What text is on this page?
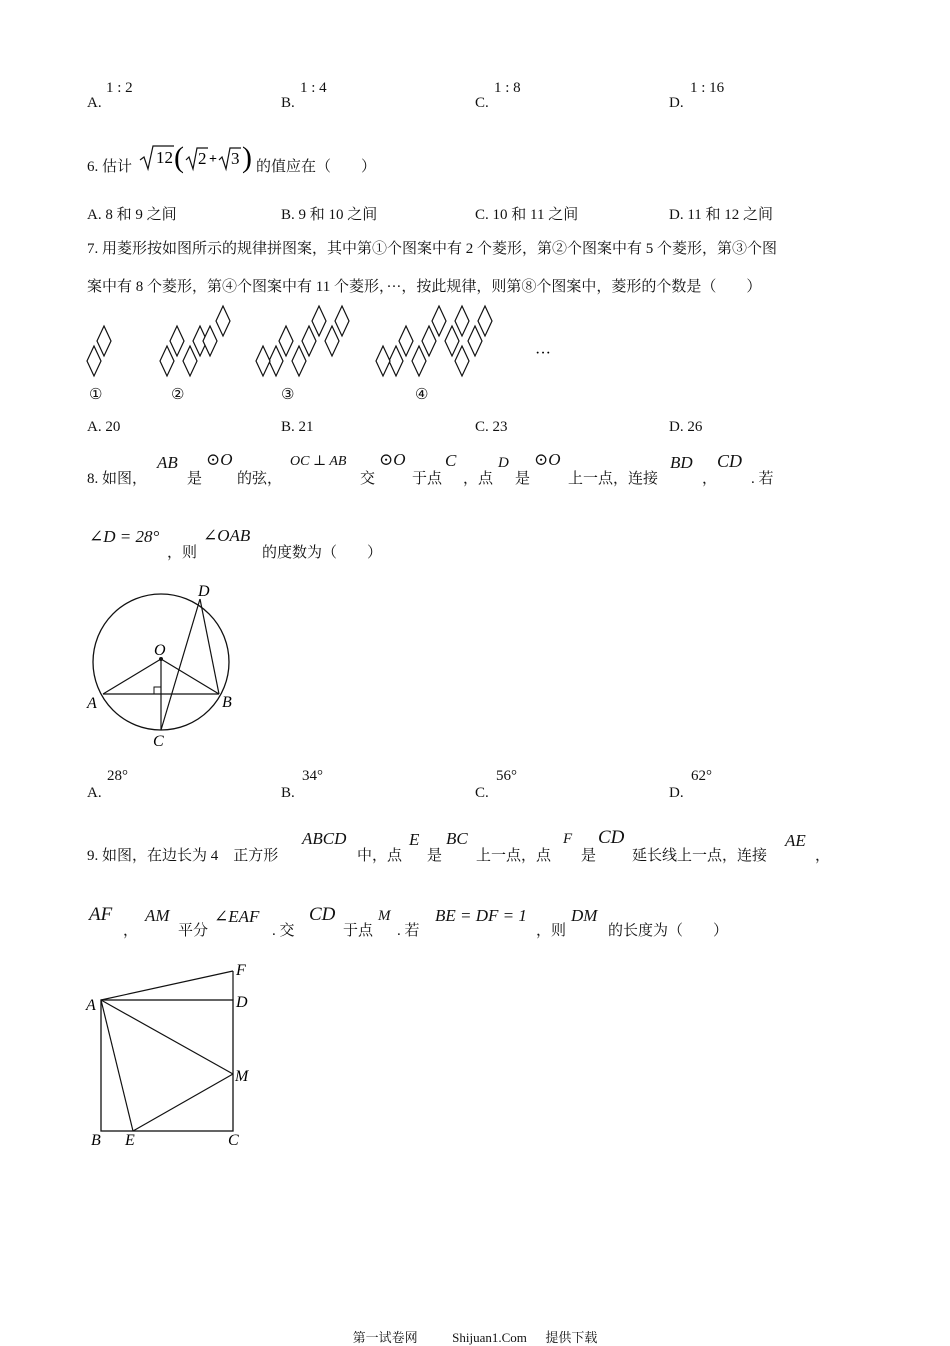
A.
1 : 2
B.
1 : 4
C.
1 : 8
D.
1 : 16
6. 估计 12 ( 2 + 3 ) 的值应在（　　）
A. 8 和 9 之间	B. 9 和 10 之间	C. 10 和 11 之间	D. 11 和 12 之间
7. 用菱形按如图所示的规律拼图案，其中第①个图案中有 2 个菱形，第②个图案中有 5 个菱形，第③个图
案中有 8 个菱形，第④个图案中有 11 个菱形，···，按此规律，则第⑧个图案中，菱形的个数是（　　）
···
①	②	③	④
A. 20	B. 21	C. 23	D. 26
8. 如图，
AB
是
⊙O
的弦，
OC ⊥ AB
交
⊙O
于点
C
，点
D
是
⊙O
上一点，连接
BD
，
CD
. 若
∠D = 28°
，则
∠OAB
的度数为（　　）
D
O
A	B
C
A.
28°
B.
34°
C.
56°
D.
62°
9. 如图，在边长为 4　正方形
ABCD
中，点
E
是
BC
上一点，点
F
是
CD
延长线上一点，连接
AE
，
AF
，
AM
平分
∠EAF
. 交
CD
于点
M
. 若
BE = DF = 1
，则
DM
的长度为（　　）
F
D
A
M
B E	C
第一试卷网	Shijuan1.Com 提供下载
